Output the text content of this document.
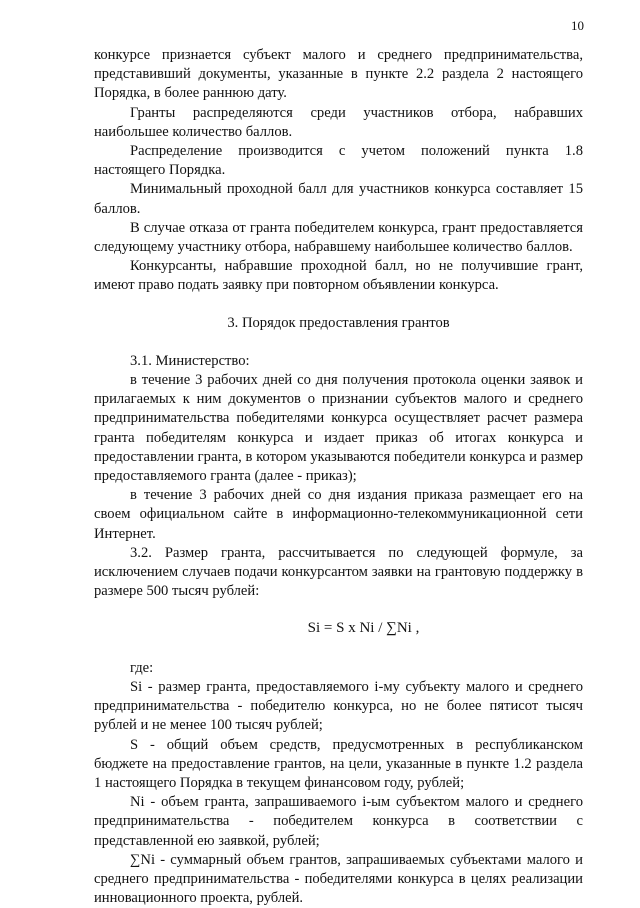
10

конкурсе признается субъект малого и среднего предпринимательства, представивший документы, указанные в пункте 2.2 раздела 2 настоящего Порядка, в более раннюю дату.

Гранты распределяются среди участников отбора, набравших наибольшее количество баллов.

Распределение производится с учетом положений пункта 1.8 настоящего Порядка.

Минимальный проходной балл для участников конкурса составляет 15 баллов.

В случае отказа от гранта победителем конкурса, грант предоставляется следующему участнику отбора, набравшему наибольшее количество баллов.

Конкурсанты, набравшие проходной балл, но не получившие грант, имеют право подать заявку при повторном объявлении конкурса.

3. Порядок предоставления грантов

3.1. Министерство:

в течение 3 рабочих дней со дня получения протокола оценки заявок и прилагаемых к ним документов о признании субъектов малого и среднего предпринимательства победителями конкурса осуществляет расчет размера гранта победителям конкурса и издает приказ об итогах конкурса и предоставлении гранта, в котором указываются победители конкурса и размер предоставляемого гранта (далее - приказ);

в течение 3 рабочих дней со дня издания приказа размещает его на своем официальном сайте в информационно-телекоммуникационной сети Интернет.

3.2. Размер гранта, рассчитывается по следующей формуле, за исключением случаев подачи конкурсантом заявки на грантовую поддержку в размере 500 тысяч рублей:

Si = S x Ni / ∑Ni ,

где:

Si - размер гранта, предоставляемого i-му субъекту малого и среднего предпринимательства - победителю конкурса, но не более пятисот тысяч рублей и не менее 100 тысяч рублей;

S - общий объем средств, предусмотренных в республиканском бюджете на предоставление грантов, на цели, указанные в пункте 1.2 раздела 1 настоящего Порядка в текущем финансовом году, рублей;

Ni - объем гранта, запрашиваемого i-ым субъектом малого и среднего предпринимательства - победителем конкурса в соответствии с представленной ею заявкой, рублей;

∑Ni - суммарный объем грантов, запрашиваемых субъектами малого и среднего предпринимательства - победителями конкурса в целях реализации инновационного проекта, рублей.
